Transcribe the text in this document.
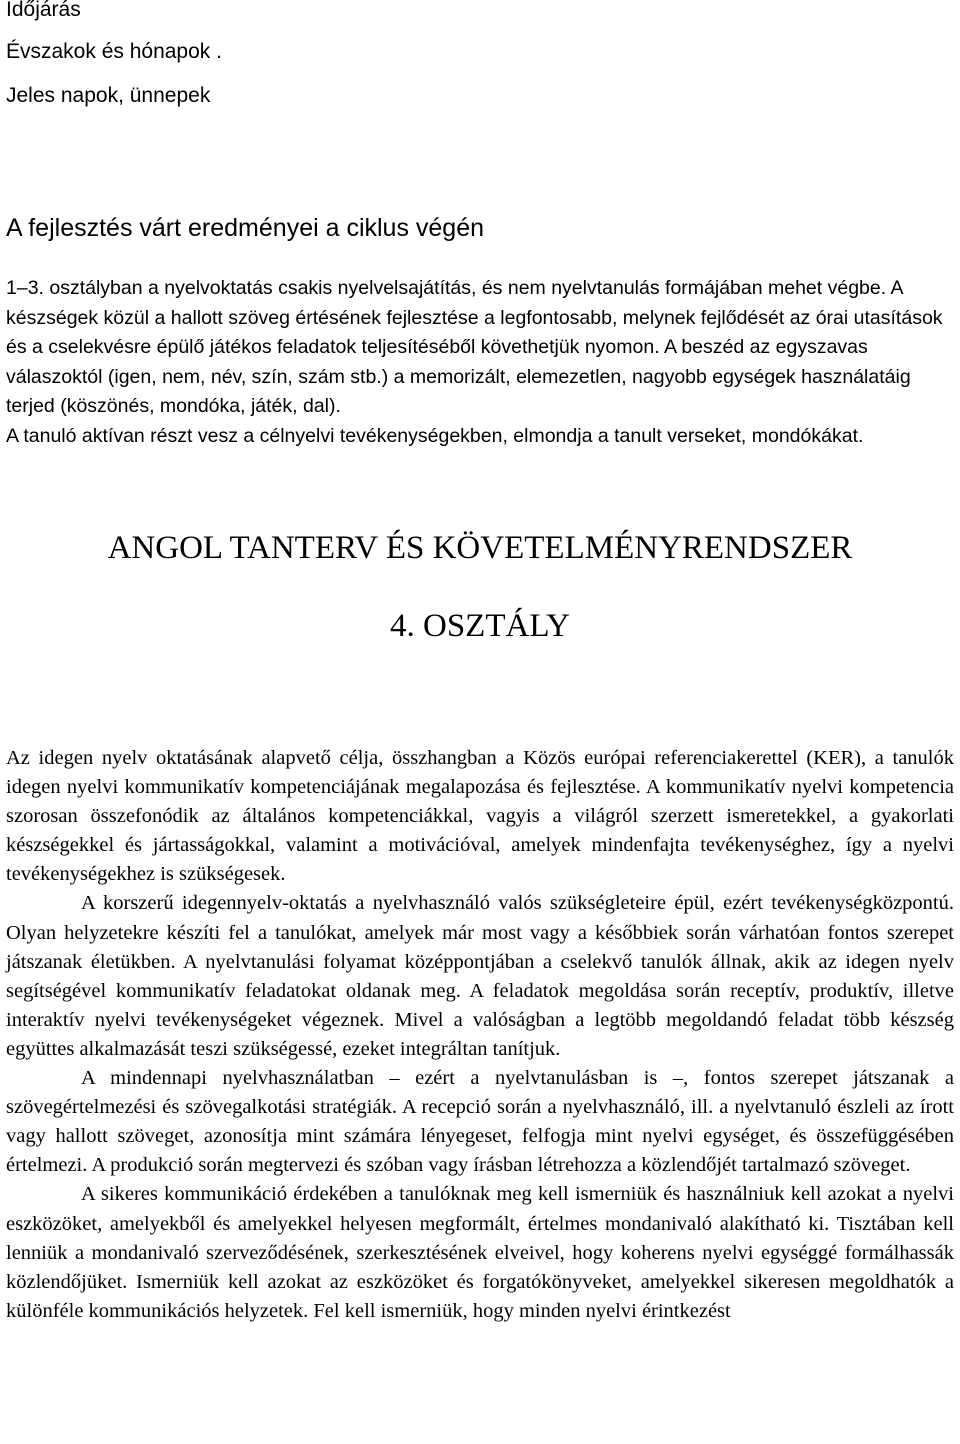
Időjárás
Évszakok és hónapok .
Jeles napok, ünnepek
A fejlesztés várt eredményei a ciklus végén

1–3. osztályban a nyelvoktatás csakis nyelvelsajátítás, és nem nyelvtanulás formájában mehet végbe. A készségek közül a hallott szöveg értésének fejlesztése a legfontosabb, melynek fejlődését az órai utasítások és a cselekvésre épülő játékos feladatok teljesítéséből követhetjük nyomon. A beszéd az egyszavas válaszoktól (igen, nem, név, szín, szám stb.) a memorizált, elemezetlen, nagyobb egységek használatáig terjed (köszönés, mondóka, játék, dal).

A tanuló aktívan részt vesz a célnyelvi tevékenységekben, elmondja a tanult verseket, mondókákat.

ANGOL TANTERV ÉS KÖVETELMÉNYRENDSZER
4. OSZTÁLY

Az idegen nyelv oktatásának alapvető célja, összhangban a Közös európai referenciakerettel (KER), a tanulók idegen nyelvi kommunikatív kompetenciájának megalapozása és fejlesztése. A kommunikatív nyelvi kompetencia szorosan összefonódik az általános kompetenciákkal, vagyis a világról szerzett ismeretekkel, a gyakorlati készségekkel és jártasságokkal, valamint a motivációval, amelyek mindenfajta tevékenységhez, így a nyelvi tevékenységekhez is szükségesek.

A korszerű idegennyelv-oktatás a nyelvhasználó valós szükségleteire épül, ezért tevékenységközpontú. Olyan helyzetekre készíti fel a tanulókat, amelyek már most vagy a későbbiek során várhatóan fontos szerepet játszanak életükben. A nyelvtanulási folyamat középpontjában a cselekvő tanulók állnak, akik az idegen nyelv segítségével kommunikatív feladatokat oldanak meg. A feladatok megoldása során receptív, produktív, illetve interaktív nyelvi tevékenységeket végeznek. Mivel a valóságban a legtöbb megoldandó feladat több készség együttes alkalmazását teszi szükségessé, ezeket integráltan tanítjuk.

A mindennapi nyelvhasználatban – ezért a nyelvtanulásban is –, fontos szerepet játszanak a szövegértelmezési és szövegalkotási stratégiák. A recepció során a nyelvhasználó, ill. a nyelvtanuló észleli az írott vagy hallott szöveget, azonosítja mint számára lényegeset, felfogja mint nyelvi egységet, és összefüggésében értelmezi. A produkció során megtervezi és szóban vagy írásban létrehozza a közlendőjét tartalmazó szöveget.

A sikeres kommunikáció érdekében a tanulóknak meg kell ismerniük és használniuk kell azokat a nyelvi eszközöket, amelyekből és amelyekkel helyesen megformált, értelmes mondanivaló alakítható ki. Tisztában kell lenniük a mondanivaló szerveződésének, szerkesztésének elveivel, hogy koherens nyelvi egységgé formálhassák közlendőjüket. Ismerniük kell azokat az eszközöket és forgatókönyveket, amelyekkel sikeresen megoldhatók a különféle kommunikációs helyzetek. Fel kell ismerniük, hogy minden nyelvi érintkezést
